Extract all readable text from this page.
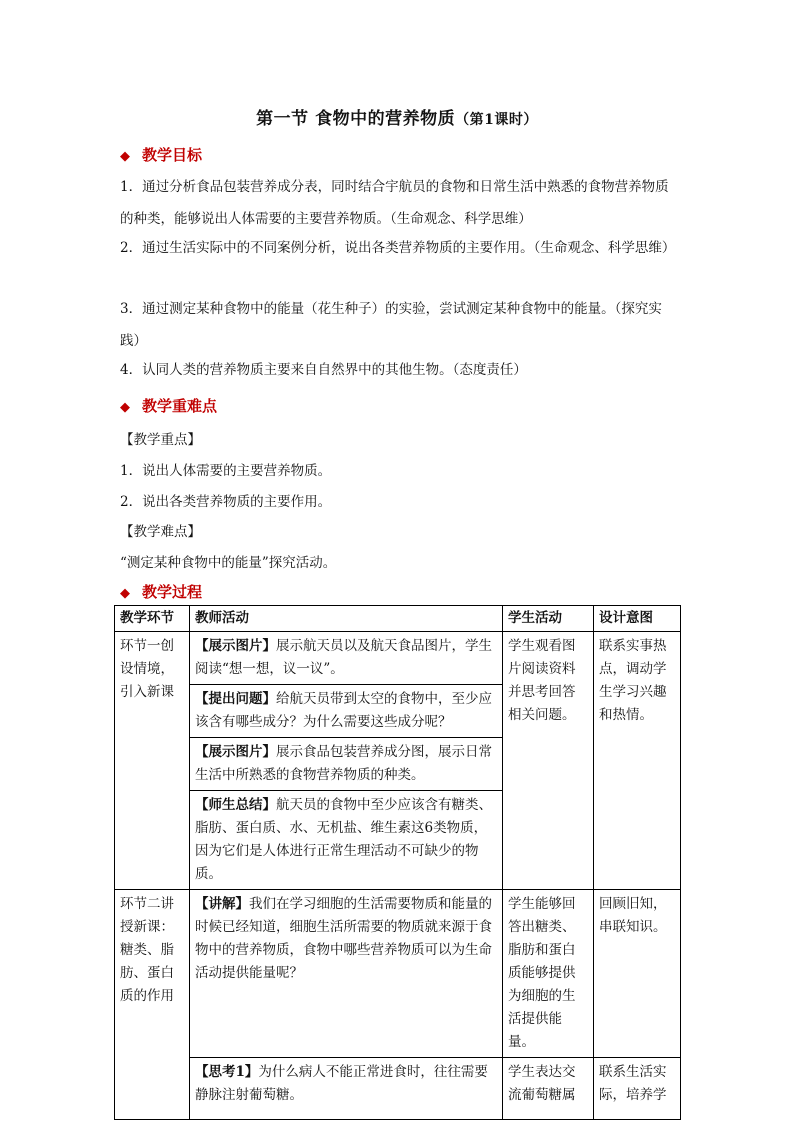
第一节 食物中的营养物质（第1课时）
◆ 教学目标
1．通过分析食品包装营养成分表，同时结合宇航员的食物和日常生活中熟悉的食物营养物质的种类，能够说出人体需要的主要营养物质。（生命观念、科学思维）
2．通过生活实际中的不同案例分析，说出各类营养物质的主要作用。（生命观念、科学思维）
3．通过测定某种食物中的能量（花生种子）的实验，尝试测定某种食物中的能量。（探究实践）
4．认同人类的营养物质主要来自自然界中的其他生物。（态度责任）
◆ 教学重难点
【教学重点】
1．说出人体需要的主要营养物质。
2．说出各类营养物质的主要作用。
【教学难点】
“测定某种食物中的能量”探究活动。
◆ 教学过程
教学环节	教师活动	学生活动	设计意图
环节一创设情境，引入新课	【展示图片】展示航天员以及航天食品图片，学生阅读“想一想，议一议”。	学生观看图片阅读资料并思考回答相关问题。	联系实事热点，调动学生学习兴趣和热情。
	【提出问题】给航天员带到太空的食物中，至少应该含有哪些成分？为什么需要这些成分呢？		
	【展示图片】展示食品包装营养成分图，展示日常生活中所熟悉的食物营养物质的种类。		
	【师生总结】航天员的食物中至少应该含有糖类、脂肪、蛋白质、水、无机盐、维生素这6类物质，因为它们是人体进行正常生理活动不可缺少的物质。		
环节二讲授新课：糖类、脂肪、蛋白质的作用	【讲解】我们在学习细胞的生活需要物质和能量的时候已经知道，细胞生活所需要的物质就来源于食物中的营养物质，食物中哪些营养物质可以为生命活动提供能量呢？	学生能够回答出糖类、脂肪和蛋白质能够提供为细胞的生活提供能量。	回顾旧知，串联知识。

	【思考1】为什么病人不能正常进食时，往往需要静脉注射葡萄糖。	学生表达交流葡萄糖属	联系生活实际，培养学
